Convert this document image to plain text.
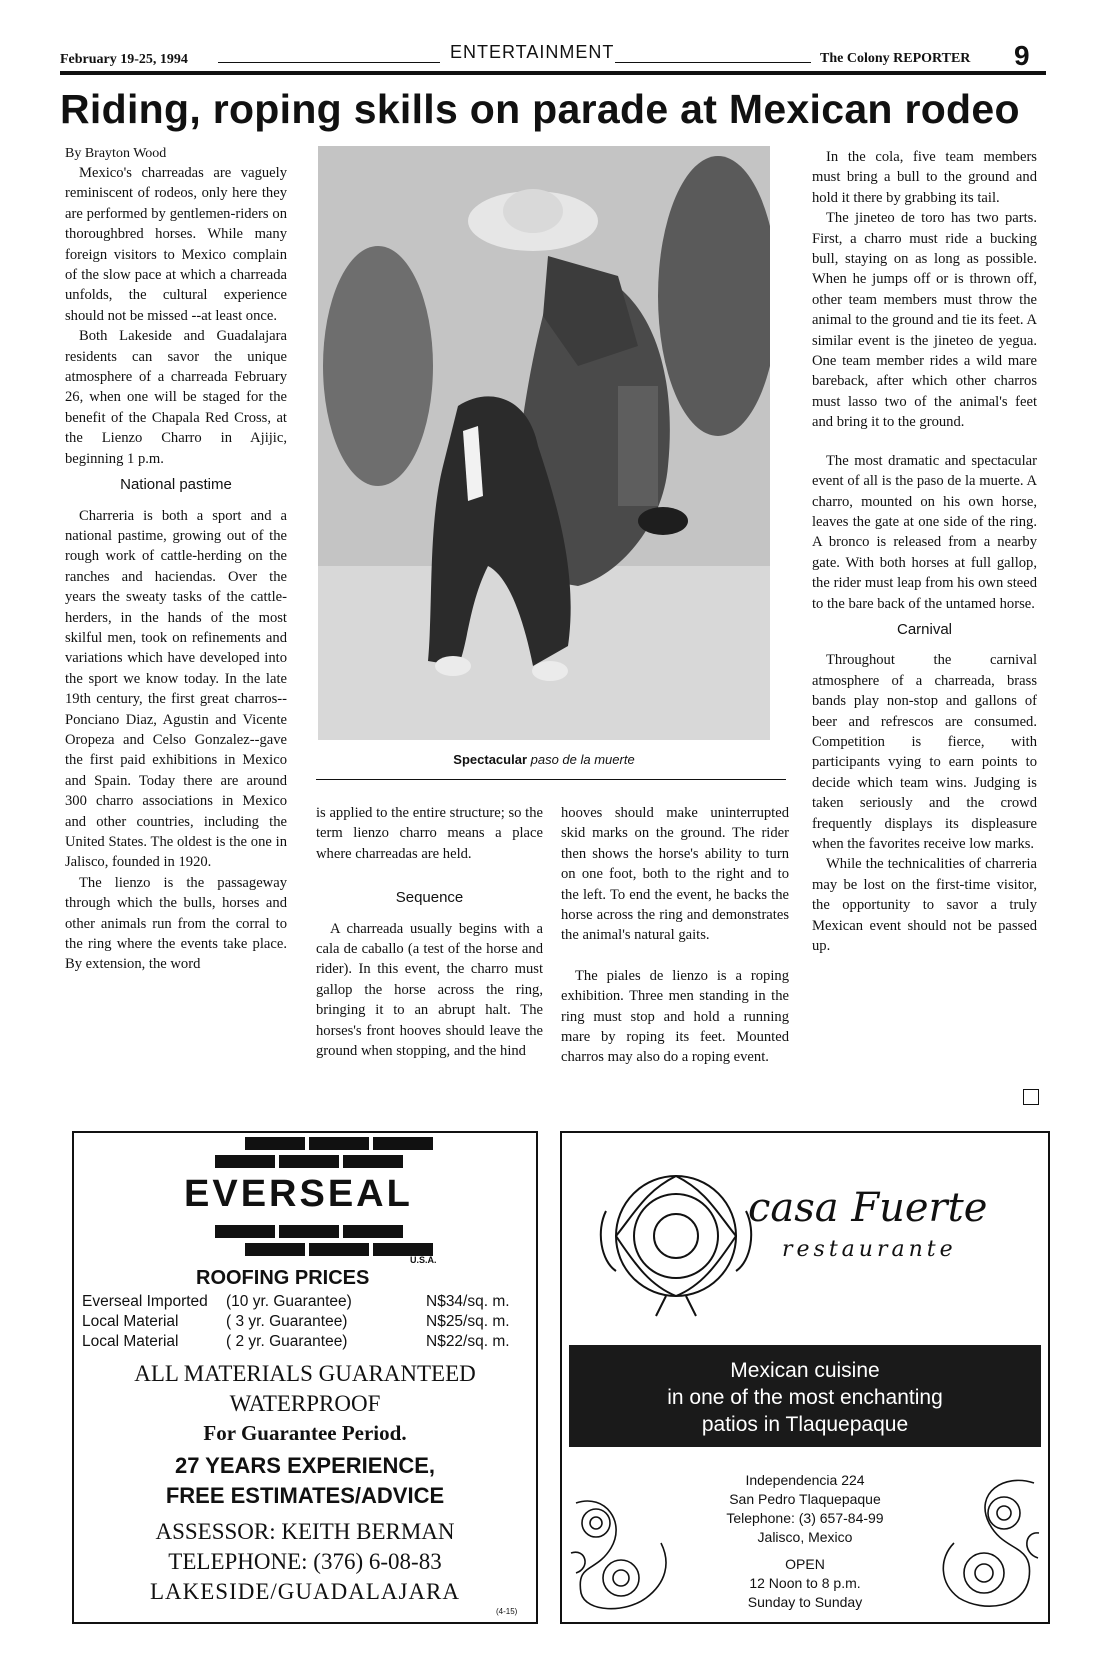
February 19-25, 1994	ENTERTAINMENT	The Colony REPORTER 9
Riding, roping skills on parade at Mexican rodeo
By Brayton Wood

Mexico's charreadas are vaguely reminiscent of rodeos, only here they are performed by gentlemen-riders on thoroughbred horses. While many foreign visitors to Mexico complain of the slow pace at which a charreada unfolds, the cultural experience should not be missed --at least once.

Both Lakeside and Guadalajara residents can savor the unique atmosphere of a charreada February 26, when one will be staged for the benefit of the Chapala Red Cross, at the Lienzo Charro in Ajijic, beginning 1 p.m.

National pastime

Charreria is both a sport and a national pastime, growing out of the rough work of cattle-herding on the ranches and haciendas. Over the years the sweaty tasks of the cattle-herders, in the hands of the most skilful men, took on refinements and variations which have developed into the sport we know today. In the late 19th century, the first great charros--Ponciano Diaz, Agustin and Vicente Oropeza and Celso Gonzalez--gave the first paid exhibitions in Mexico and Spain. Today there are around 300 charro associations in Mexico and other countries, including the United States. The oldest is the one in Jalisco, founded in 1920.

The lienzo is the passageway through which the bulls, horses and other animals run from the corral to the ring where the events take place. By extension, the word

Spectacular paso de la muerte

is applied to the entire structure; so the term lienzo charro means a place where charreadas are held.

Sequence

A charreada usually begins with a cala de caballo (a test of the horse and rider). In this event, the charro must gallop the horse across the ring, bringing it to an abrupt halt. The horses's front hooves should leave the ground when stopping, and the hind

hooves should make uninterrupted skid marks on the ground. The rider then shows the horse's ability to turn on one foot, both to the right and to the left. To end the event, he backs the horse across the ring and demonstrates the animal's natural gaits.

The piales de lienzo is a roping exhibition. Three men standing in the ring must stop and hold a running mare by roping its feet. Mounted charros may also do a roping event.

In the cola, five team members must bring a bull to the ground and hold it there by grabbing its tail.

The jineteo de toro has two parts. First, a charro must ride a bucking bull, staying on as long as possible. When he jumps off or is thrown off, other team members must throw the animal to the ground and tie its feet. A similar event is the jineteo de yegua. One team member rides a wild mare bareback, after which other charros must lasso two of the animal's feet and bring it to the ground.

The most dramatic and spectacular event of all is the paso de la muerte. A charro, mounted on his own horse, leaves the gate at one side of the ring. A bronco is released from a nearby gate. With both horses at full gallop, the rider must leap from his own steed to the bare back of the untamed horse.

Carnival

Throughout the carnival atmosphere of a charreada, brass bands play non-stop and gallons of beer and refrescos are consumed. Competition is fierce, with participants vying to earn points to decide which team wins. Judging is taken seriously and the crowd frequently displays its displeasure when the favorites receive low marks.

While the technicalities of charreria may be lost on the first-time visitor, the opportunity to savor a truly Mexican event should not be passed up.

EVERSEAL
U.S.A.
ROOFING PRICES
Everseal Imported (10 yr. Guarantee)	N$34/sq. m.
Local Material	( 3 yr. Guarantee)	N$25/sq. m.
Local Material	( 2 yr. Guarantee)	N$22/sq. m.
ALL MATERIALS GUARANTEED
WATERPROOF
For Guarantee Period.
27 YEARS EXPERIENCE,
FREE ESTIMATES/ADVICE
ASSESSOR: KEITH BERMAN
TELEPHONE: (376) 6-08-83
LAKESIDE/GUADALAJARA
(4-15)
casa Fuerte
restaurante
Independencia 224
San Pedro Tlaquepaque
Telephone: (3) 657-84-99
Jalisco, Mexico
OPEN
12 Noon to 8 p.m.
Sunday to Sunday
Mexican cuisine
in one of the most enchanting
patios in Tlaquepaque
